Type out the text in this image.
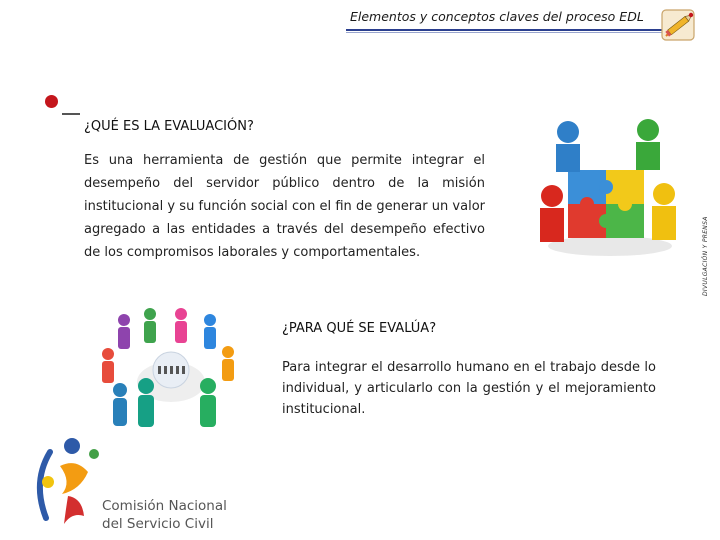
Elementos y conceptos claves del proceso EDL
DIVULGACIÓN Y PRENSA
¿QUÉ ES LA EVALUACIÓN?

Es una herramienta de gestión que permite integrar el desempeño del servidor público dentro de la misión institucional y su función social con el fin de generar un valor agregado a las entidades a través del desempeño efectivo de los compromisos laborales y comportamentales.

¿PARA QUÉ SE EVALÚA?

Para integrar el desarrollo humano en el trabajo desde lo individual, y articularlo con la gestión y el mejoramiento institucional.

Comisión Nacional
del Servicio Civil
